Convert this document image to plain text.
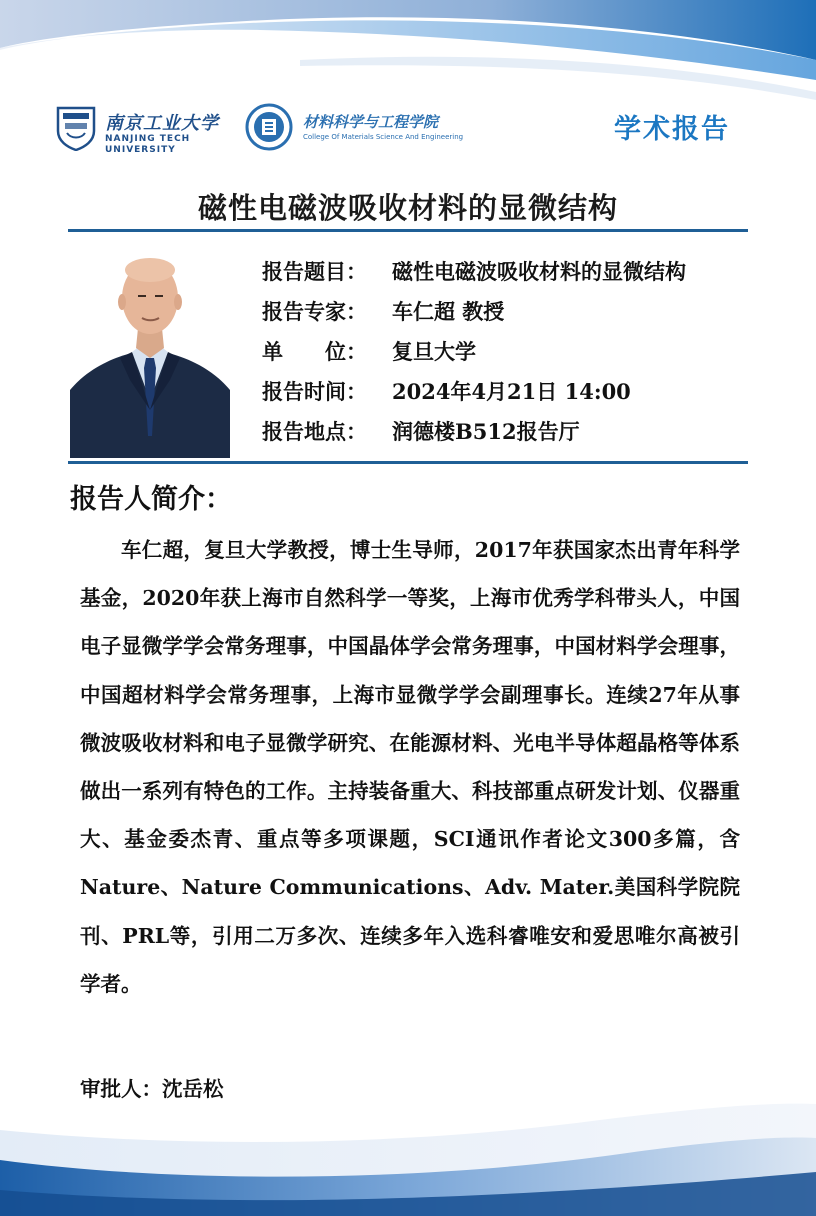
南京工业大学
NANJING TECH
UNIVERSITY
材料科学与工程学院
College Of Materials Science And Engineering	学术报告
磁性电磁波吸收材料的显微结构
报告题目：	磁性电磁波吸收材料的显微结构
报告专家：	车仁超 教授
单　　位：	复旦大学
报告时间：	2024年4月21日 14:00
报告地点：	润德楼B512报告厅
报告人简介：
车仁超，复旦大学教授，博士生导师，2017年获国家杰出青年科学基金，2020年获上海市自然科学一等奖，上海市优秀学科带头人，中国电子显微学学会常务理事，中国晶体学会常务理事，中国材料学会理事，中国超材料学会常务理事，上海市显微学学会副理事长。连续27年从事微波吸收材料和电子显微学研究、在能源材料、光电半导体超晶格等体系做出一系列有特色的工作。主持装备重大、科技部重点研发计划、仪器重大、基金委杰青、重点等多项课题，SCI通讯作者论文300多篇，含Nature、Nature Communications、Adv. Mater.美国科学院院刊、PRL等，引用二万多次、连续多年入选科睿唯安和爱思唯尔高被引学者。
审批人：沈岳松
